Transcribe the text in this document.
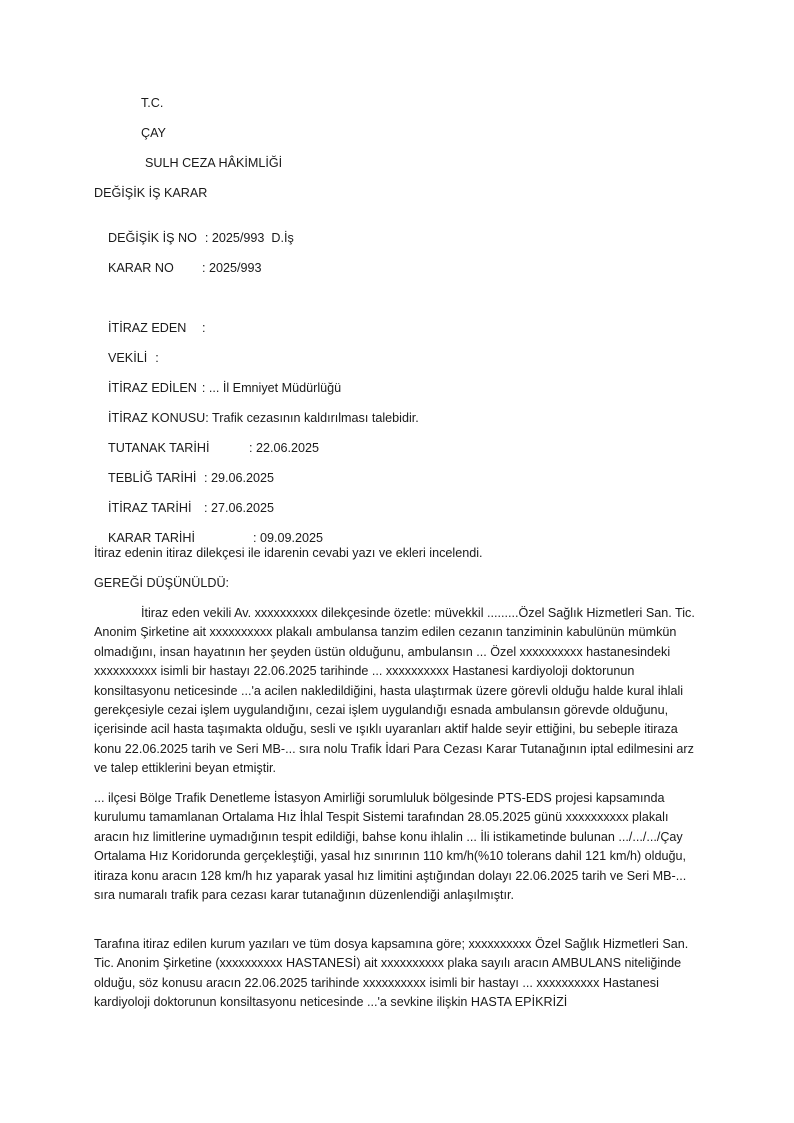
T.C.
ÇAY
SULH CEZA HÂKİMLİĞİ
DEĞİŞİK İŞ KARAR

DEĞİŞİK İŞ NO : 2025/993  D.İş

KARAR NO : 2025/993

İTİRAZ EDEN :

VEKİLİ :

İTİRAZ EDİLEN : ... İl Emniyet Müdürlüğü

İTİRAZ KONUSU: Trafik cezasının kaldırılması talebidir.

TUTANAK TARİHİ	: 22.06.2025

TEBLİĞ TARİHİ : 29.06.2025

İTİRAZ TARİHİ : 27.06.2025

KARAR TARİHİ	: 09.09.2025

İtiraz edenin itiraz dilekçesi ile idarenin cevabi yazı ve ekleri incelendi.
GEREĞİ DÜŞÜNÜLDÜ:
İtiraz eden vekili Av. xxxxxxxxxx dilekçesinde özetle: müvekkil .........Özel Sağlık Hizmetleri San. Tic. Anonim Şirketine ait xxxxxxxxxx plakalı ambulansa tanzim edilen cezanın tanziminin kabulünün mümkün olmadığını, insan hayatının her şeyden üstün olduğunu, ambulansın ... Özel xxxxxxxxxx hastanesindeki xxxxxxxxxx isimli bir hastayı 22.06.2025 tarihinde ... xxxxxxxxxx Hastanesi kardiyoloji doktorunun konsiltasyonu neticesinde ...'a acilen nakledildiğini, hasta ulaştırmak üzere görevli olduğu halde kural ihlali gerekçesiyle cezai işlem uygulandığını, cezai işlem uygulandığı esnada ambulansın görevde olduğunu, içerisinde acil hasta taşımakta olduğu, sesli ve ışıklı uyaranları aktif halde seyir ettiğini, bu sebeple itiraza konu 22.06.2025 tarih ve Seri MB-... sıra nolu Trafik İdari Para Cezası Karar Tutanağının iptal edilmesini arz ve talep ettiklerini beyan etmiştir.
... ilçesi Bölge Trafik Denetleme İstasyon Amirliği sorumluluk bölgesinde PTS-EDS projesi kapsamında kurulumu tamamlanan Ortalama Hız İhlal Tespit Sistemi tarafından 28.05.2025 günü xxxxxxxxxx plakalı aracın hız limitlerine uymadığının tespit edildiği, bahse konu ihlalin ... İli istikametinde bulunan .../.../.../Çay Ortalama Hız Koridorunda gerçekleştiği, yasal hız sınırının 110 km/h(%10 tolerans dahil 121 km/h) olduğu, itiraza konu aracın 128 km/h hız yaparak yasal hız limitini aştığından dolayı 22.06.2025 tarih ve Seri MB-... sıra numaralı trafik para cezası karar tutanağının düzenlendiği anlaşılmıştır.
Tarafına itiraz edilen kurum yazıları ve tüm dosya kapsamına göre; xxxxxxxxxx Özel Sağlık Hizmetleri San. Tic. Anonim Şirketine (xxxxxxxxxx HASTANESİ) ait xxxxxxxxxx plaka sayılı aracın AMBULANS niteliğinde olduğu, söz konusu aracın 22.06.2025 tarihinde xxxxxxxxxx isimli bir hastayı ... xxxxxxxxxx Hastanesi kardiyoloji doktorunun konsiltasyonu neticesinde ...'a sevkine ilişkin HASTA EPİKRİZİ
